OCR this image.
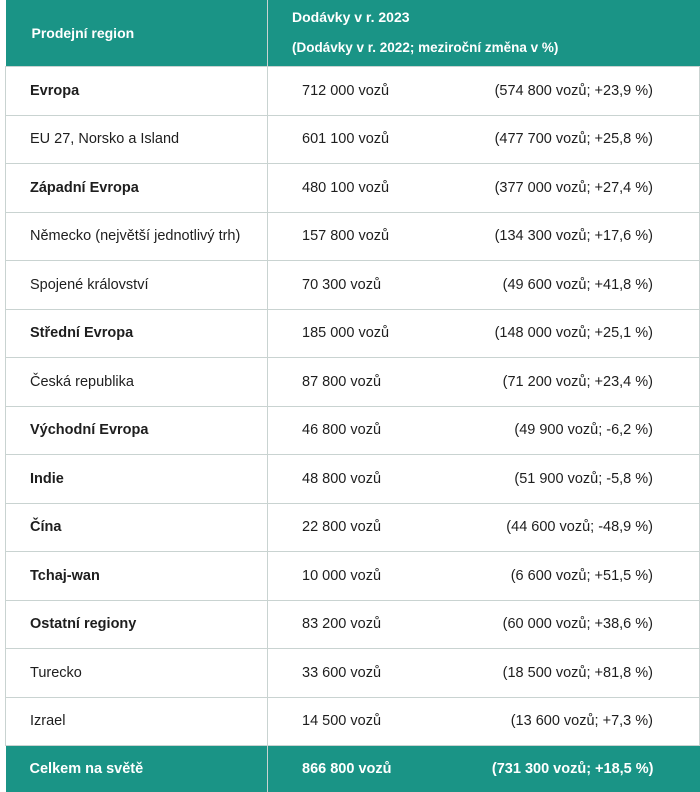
Prodejní region	Dodávky v r. 2023
(Dodávky v r. 2022; meziroční změna v %)

Evropa	712 000 vozů (574 800 vozů; +23,9 %)

EU 27, Norsko a Island	601 100 vozů (477 700 vozů; +25,8 %)

Západní Evropa	480 100 vozů (377 000 vozů; +27,4 %)

Německo (největší jednotlivý trh)	157 800 vozů (134 300 vozů; +17,6 %)

Spojené království	70 300 vozů (49 600 vozů; +41,8 %)

Střední Evropa	185 000 vozů (148 000 vozů; +25,1 %)

Česká republika	87 800 vozů (71 200 vozů; +23,4 %)

Východní Evropa	46 800 vozů (49 900 vozů; -6,2 %)

Indie	48 800 vozů (51 900 vozů; -5,8 %)

Čína	22 800 vozů (44 600 vozů; -48,9 %)

Tchaj-wan	10 000 vozů (6 600 vozů; +51,5 %)

Ostatní regiony	83 200 vozů (60 000 vozů; +38,6 %)

Turecko	33 600 vozů (18 500 vozů; +81,8 %)

Izrael	14 500 vozů (13 600 vozů; +7,3 %)

Celkem na světě	866 800 vozů (731 300 vozů; +18,5 %)
